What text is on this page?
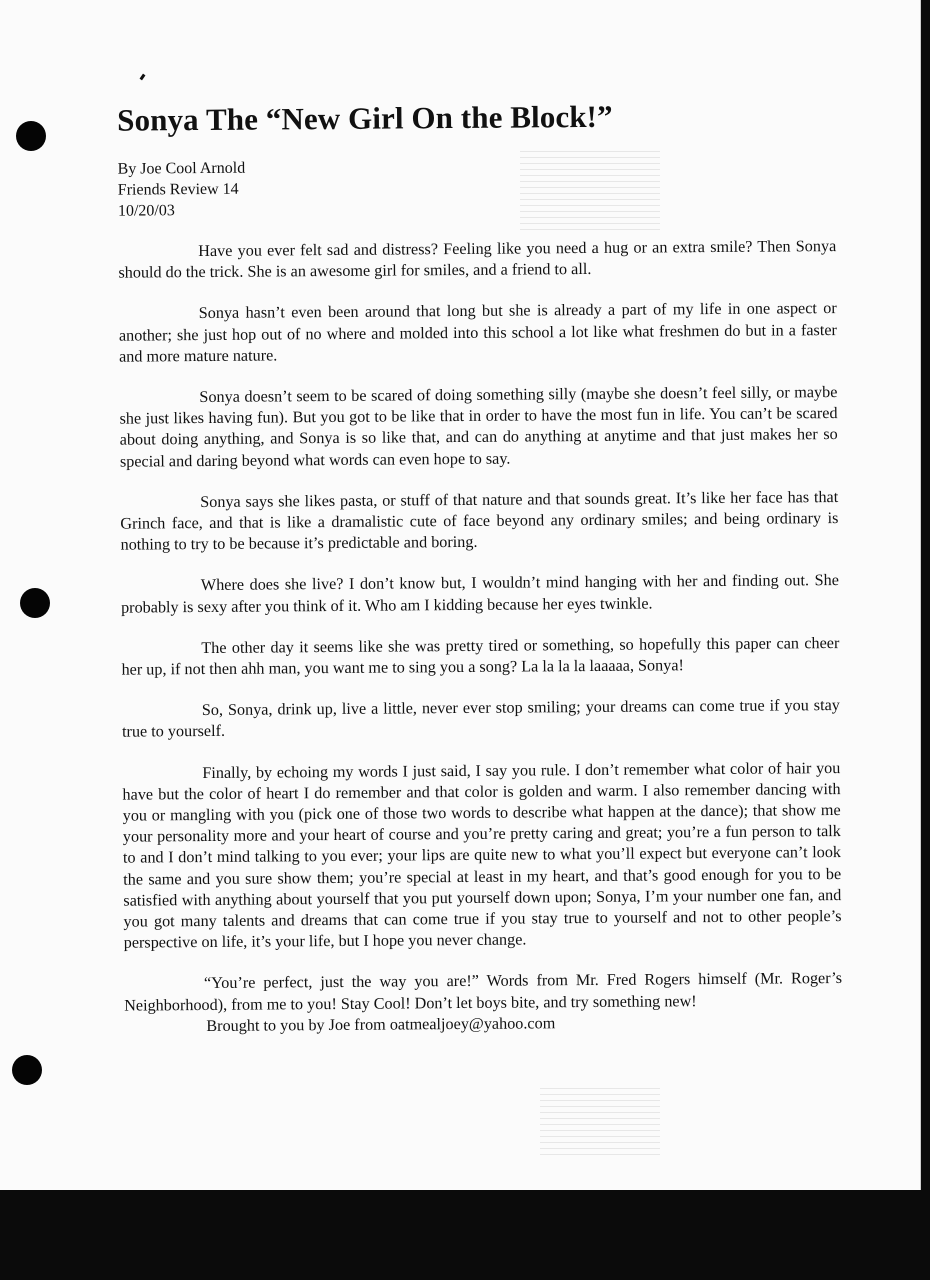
Sonya The “New Girl On the Block!”
By Joe Cool Arnold
Friends Review 14
10/20/03

Have you ever felt sad and distress? Feeling like you need a hug or an extra smile? Then Sonya should do the trick. She is an awesome girl for smiles, and a friend to all.

Sonya hasn’t even been around that long but she is already a part of my life in one aspect or another; she just hop out of no where and molded into this school a lot like what freshmen do but in a faster and more mature nature.

Sonya doesn’t seem to be scared of doing something silly (maybe she doesn’t feel silly, or maybe she just likes having fun). But you got to be like that in order to have the most fun in life. You can’t be scared about doing anything, and Sonya is so like that, and can do anything at anytime and that just makes her so special and daring beyond what words can even hope to say.

Sonya says she likes pasta, or stuff of that nature and that sounds great. It’s like her face has that Grinch face, and that is like a dramalistic cute of face beyond any ordinary smiles; and being ordinary is nothing to try to be because it’s predictable and boring.

Where does she live? I don’t know but, I wouldn’t mind hanging with her and finding out. She probably is sexy after you think of it. Who am I kidding because her eyes twinkle.

The other day it seems like she was pretty tired or something, so hopefully this paper can cheer her up, if not then ahh man, you want me to sing you a song? La la la la laaaaa, Sonya!

So, Sonya, drink up, live a little, never ever stop smiling; your dreams can come true if you stay true to yourself.

Finally, by echoing my words I just said, I say you rule. I don’t remember what color of hair you have but the color of heart I do remember and that color is golden and warm. I also remember dancing with you or mangling with you (pick one of those two words to describe what happen at the dance); that show me your personality more and your heart of course and you’re pretty caring and great; you’re a fun person to talk to and I don’t mind talking to you ever; your lips are quite new to what you’ll expect but everyone can’t look the same and you sure show them; you’re special at least in my heart, and that’s good enough for you to be satisfied with anything about yourself that you put yourself down upon; Sonya, I’m your number one fan, and you got many talents and dreams that can come true if you stay true to yourself and not to other people’s perspective on life, it’s your life, but I hope you never change.

“You’re perfect, just the way you are!” Words from Mr. Fred Rogers himself (Mr. Roger’s Neighborhood), from me to you! Stay Cool! Don’t let boys bite, and try something new!

Brought to you by Joe from oatmealjoey@yahoo.com
